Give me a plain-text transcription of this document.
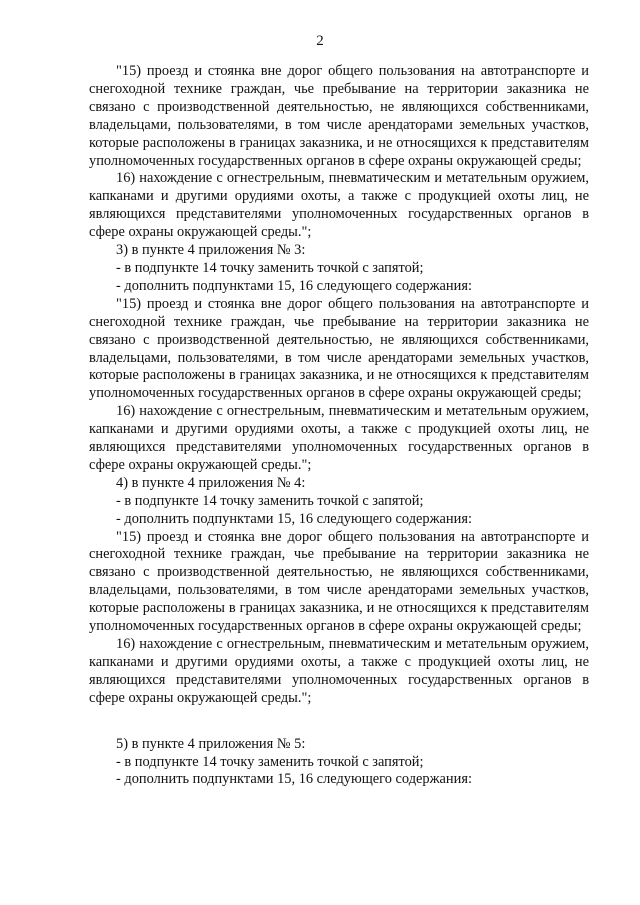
2

"15) проезд и стоянка вне дорог общего пользования на автотранспорте и снегоходной технике граждан, чье пребывание на территории заказника не связано с производственной деятельностью, не являющихся собственниками, владельцами, пользователями, в том числе арендаторами земельных участков, которые расположены в границах заказника, и не относящихся к представителям уполномоченных государственных органов в сфере охраны окружающей среды;

16) нахождение с огнестрельным, пневматическим и метательным оружием, капканами и другими орудиями охоты, а также с продукцией охоты лиц, не являющихся представителями уполномоченных государственных органов в сфере охраны окружающей среды.";

3) в пункте 4 приложения № 3:

- в подпункте 14 точку заменить точкой с запятой;

- дополнить подпунктами 15, 16 следующего содержания:

"15) проезд и стоянка вне дорог общего пользования на автотранспорте и снегоходной технике граждан, чье пребывание на территории заказника не связано с производственной деятельностью, не являющихся собственниками, владельцами, пользователями, в том числе арендаторами земельных участков, которые расположены в границах заказника, и не относящихся к представителям уполномоченных государственных органов в сфере охраны окружающей среды;

16) нахождение с огнестрельным, пневматическим и метательным оружием, капканами и другими орудиями охоты, а также с продукцией охоты лиц, не являющихся представителями уполномоченных государственных органов в сфере охраны окружающей среды.";

4) в пункте 4 приложения № 4:

- в подпункте 14 точку заменить точкой с запятой;

- дополнить подпунктами 15, 16 следующего содержания:

"15) проезд и стоянка вне дорог общего пользования на автотранспорте и снегоходной технике граждан, чье пребывание на территории заказника не связано с производственной деятельностью, не являющихся собственниками, владельцами, пользователями, в том числе арендаторами земельных участков, которые расположены в границах заказника, и не относящихся к представителям уполномоченных государственных органов в сфере охраны окружающей среды;

16) нахождение с огнестрельным, пневматическим и метательным оружием, капканами и другими орудиями охоты, а также с продукцией охоты лиц, не являющихся представителями уполномоченных государственных органов в сфере охраны окружающей среды.";

5) в пункте 4 приложения № 5:

- в подпункте 14 точку заменить точкой с запятой;

- дополнить подпунктами 15, 16 следующего содержания:
